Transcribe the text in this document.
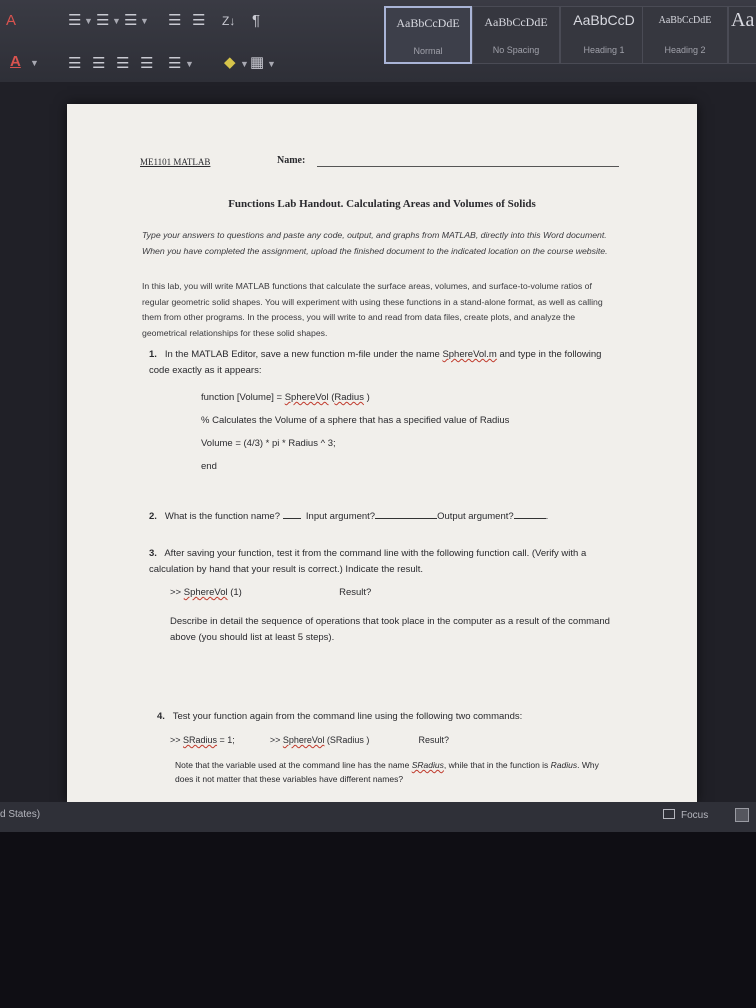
A
A ▼
☰ ▼ ☰ ▼ ☰ ▼ ☰ ☰ Z↓ ¶
☰ ☰ ☰ ☰ ☰ ▼ ◆ ▼ ▦ ▼
AaBbCcDdE
Normal
AaBbCcDdE
No Spacing
AaBbCcD
Heading 1
AaBbCcDdE
Heading 2
Aa
ME1101 MATLAB	Name:
Functions Lab Handout. Calculating Areas and Volumes of Solids
Type your answers to questions and paste any code, output, and graphs from MATLAB, directly into this Word document. When you have completed the assignment, upload the finished document to the indicated location on the course website.
In this lab, you will write MATLAB functions that calculate the surface areas, volumes, and surface-to-volume ratios of regular geometric solid shapes. You will experiment with using these functions in a stand-alone format, as well as calling them from other programs. In the process, you will write to and read from data files, create plots, and analyze the geometrical relationships for these solid shapes.
1. In the MATLAB Editor, save a new function m-file under the name SphereVol.m and type in the following code exactly as it appears:
function [Volume] = SphereVol (Radius )
% Calculates the Volume of a sphere that has a specified value of Radius
Volume = (4/3) * pi * Radius ^ 3;
end
2. What is the function name?	Input argument?	Output argument?	.
3. After saving your function, test it from the command line with the following function call. (Verify with a calculation by hand that your result is correct.) Indicate the result.
>> SphereVol (1)	Result?
Describe in detail the sequence of operations that took place in the computer as a result of the command above (you should list at least 5 steps).
4. Test your function again from the command line using the following two commands:
>> SRadius = 1;	>> SphereVol (SRadius )	Result?
Note that the variable used at the command line has the name SRadius, while that in the function is Radius. Why does it not matter that these variables have different names?
d States)	Focus
